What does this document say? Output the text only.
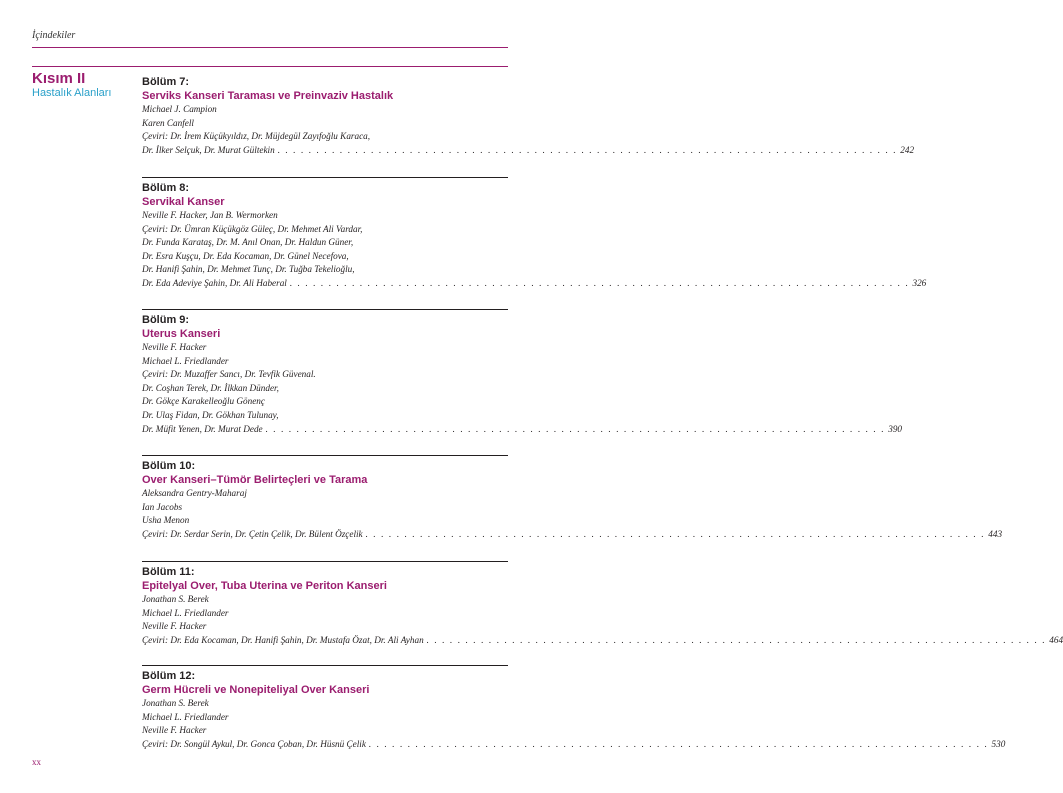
İçindekiler
Kısım II
Hastalık Alanları
Bölüm 7:
Serviks Kanseri Taraması ve Preinvaziv Hastalık
Michael J. Campion
Karen Canfell
Çeviri: Dr. İrem Küçükyıldız, Dr. Müjdegül Zayıfoğlu Karaca,
Dr. İlker Selçuk, Dr. Murat Gültekin . . . . . . . . . . . . . . . . . . . . . . . . . . . . . . . . . . . . . . . . . . . . . . . . . . . . . . . . . . . . . . . . . . . . . . . . . . . . . . . . 242
Bölüm 8:
Servikal Kanser
Neville F. Hacker, Jan B. Wermorken
Çeviri: Dr. Ümran Küçükgöz Güleç, Dr. Mehmet Ali Vardar,
Dr. Funda Karataş, Dr. M. Anıl Onan, Dr. Haldun Güner,
Dr. Esra Kuşçu, Dr. Eda Kocaman, Dr. Günel Necefova,
Dr. Hanifi Şahin, Dr. Mehmet Tunç, Dr. Tuğba Tekelioğlu,
Dr. Eda Adeviye Şahin, Dr. Ali Haberal . . . . . . . . . . . . . . . . . . . . . . . . . . . . . . . . . . . . . . . . . . . . . . . . . . . . . . . . . . . . . . . . . . . . . . . . . . . . . . . . 326
Bölüm 9:
Uterus Kanseri
Neville F. Hacker
Michael L. Friedlander
Çeviri: Dr. Muzaffer Sancı, Dr. Tevfik Güvenal.
Dr. Coşhan Terek, Dr. İlkkan Dünder,
Dr. Gökçe Karakelleoğlu Gönenç
Dr. Ulaş Fidan, Dr. Gökhan Tulunay,
Dr. Müfit Yenen, Dr. Murat Dede . . . . . . . . . . . . . . . . . . . . . . . . . . . . . . . . . . . . . . . . . . . . . . . . . . . . . . . . . . . . . . . . . . . . . . . . . . . . . . . . 390
Bölüm 10:
Over Kanseri–Tümör Belirteçleri ve Tarama
Aleksandra Gentry-Maharaj
Ian Jacobs
Usha Menon
Çeviri: Dr. Serdar Serin, Dr. Çetin Çelik, Dr. Bülent Özçelik . . . . . . . . . . . . . . . . . . . . . . . . . . . . . . . . . . . . . . . . . . . . . . . . . . . . . . . . . . . . . . . . . . . . . . . . . . . . . . . . 443
Bölüm 11:
Epitelyal Over, Tuba Uterina ve Periton Kanseri
Jonathan S. Berek
Michael L. Friedlander
Neville F. Hacker
Çeviri: Dr. Eda Kocaman, Dr. Hanifi Şahin, Dr. Mustafa Özat, Dr. Ali Ayhan . . . . . . . . . . . . . . . . . . . . . . . . . . . . . . . . . . . . . . . . . . . . . . . . . . . . . . . . . . . . . . . . . . . . . . . . . . . . . . . . 464
Bölüm 12:
Germ Hücreli ve Nonepiteliyal Over Kanseri
Jonathan S. Berek
Michael L. Friedlander
Neville F. Hacker
Çeviri: Dr. Songül Aykul, Dr. Gonca Çoban, Dr. Hüsnü Çelik . . . . . . . . . . . . . . . . . . . . . . . . . . . . . . . . . . . . . . . . . . . . . . . . . . . . . . . . . . . . . . . . . . . . . . . . . . . . . . . . 530
xx
